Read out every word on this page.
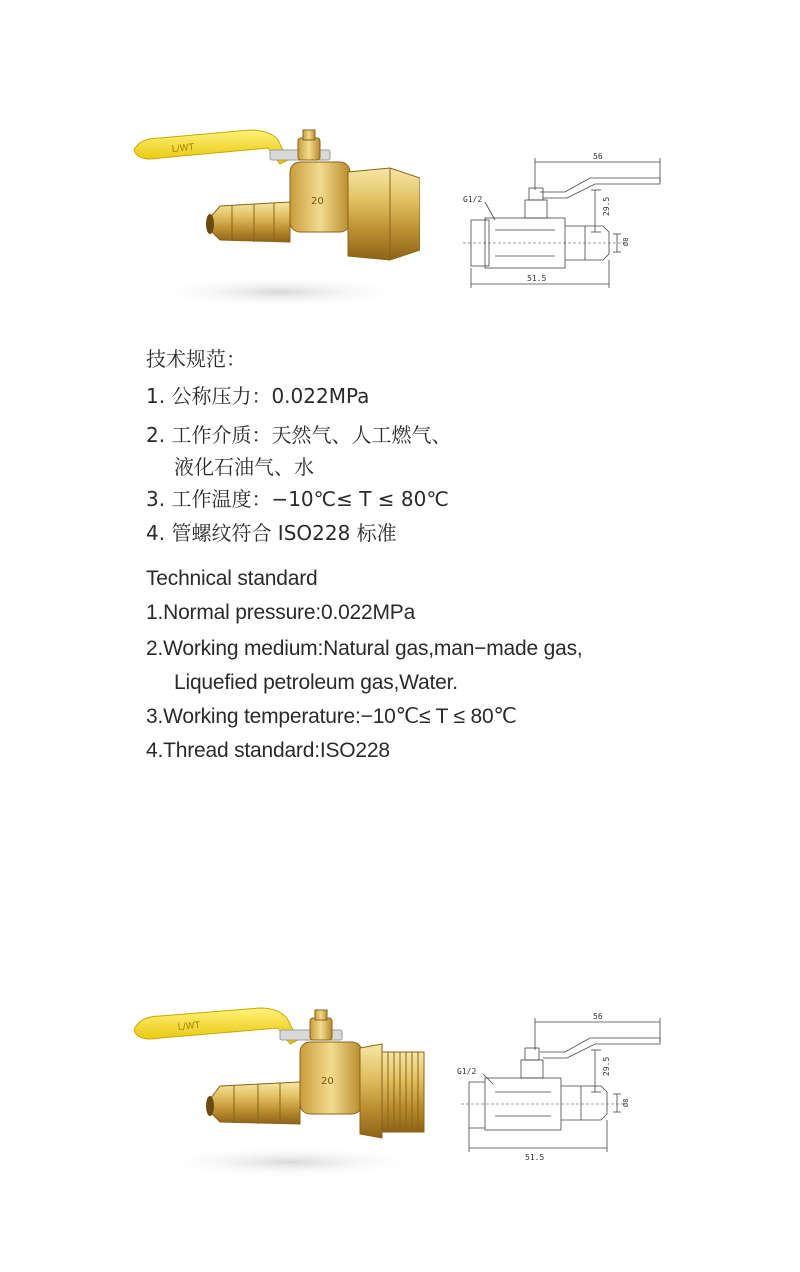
L/WT
20
56
29.5
G1/2
51.5
Ø8
技术规范：
1. 公称压力：0.022MPa
2. 工作介质：天然气、人工燃气、
液化石油气、水
3. 工作温度：−10℃≤ T ≤ 80℃
4. 管螺纹符合 ISO228 标准
Technical standard
1.Normal pressure:0.022MPa
2.Working medium:Natural gas,man−made gas,
Liquefied petroleum gas,Water.
3.Working temperature:−10℃≤ T ≤ 80℃
4.Thread standard:ISO228
L/WT
20
56
29.5
G1/2
51.5
Ø8
